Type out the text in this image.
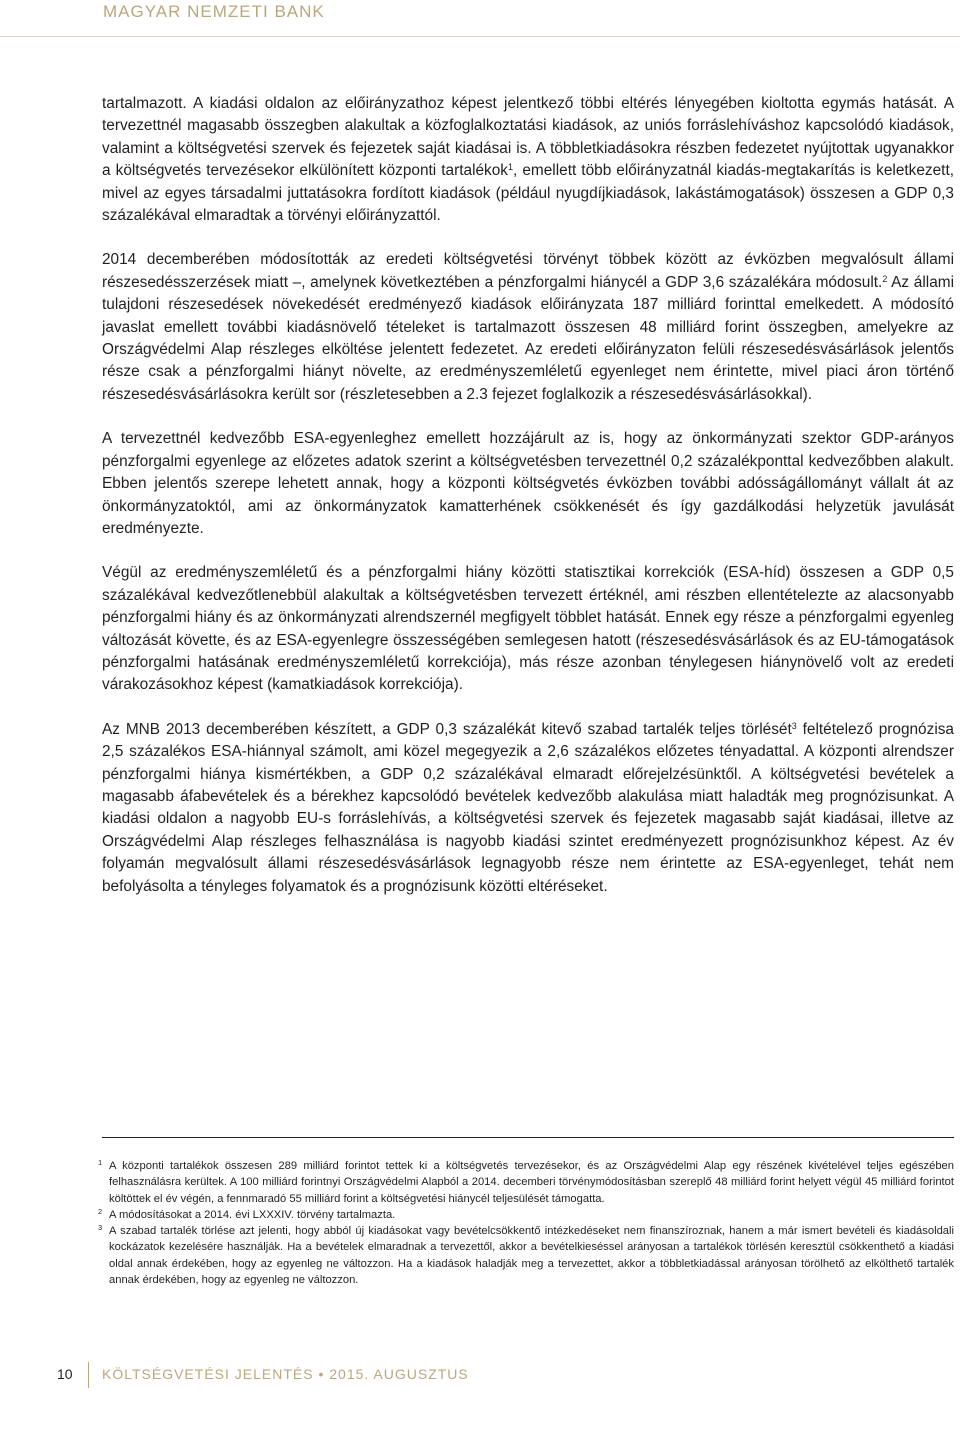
MAGYAR NEMZETI BANK

tartalmazott. A kiadási oldalon az előirányzathoz képest jelentkező többi eltérés lényegében kioltotta egymás hatását. A tervezettnél magasabb összegben alakultak a közfoglalkoztatási kiadások, az uniós forráslehíváshoz kapcsolódó kiadások, valamint a költségvetési szervek és fejezetek saját kiadásai is. A többletkiadásokra részben fedezetet nyújtottak ugyanakkor a költségvetés tervezésekor elkülönített központi tartalékok$^1$, emellett több előirányzatnál kiadás-megtakarítás is keletkezett, mivel az egyes társadalmi juttatásokra fordított kiadások (például nyugdíjkiadások, lakástámogatások) összesen a GDP 0,3 százalékával elmaradtak a törvényi előirányzattól.

2014 decemberében módosították az eredeti költségvetési törvényt többek között az évközben megvalósult állami részesedésszerzések miatt –, amelynek következtében a pénzforgalmi hiánycél a GDP 3,6 százalékára módosult.$^2$ Az állami tulajdoni részesedések növekedését eredményező kiadások előirányzata 187 milliárd forinttal emelkedett. A módosító javaslat emellett további kiadásnövelő tételeket is tartalmazott összesen 48 milliárd forint összegben, amelyekre az Országvédelmi Alap részleges elköltése jelentett fedezetet. Az eredeti előirányzaton felüli részesedésvásárlások jelentős része csak a pénzforgalmi hiányt növelte, az eredményszemléletű egyenleget nem érintette, mivel piaci áron történő részesedésvásárlásokra került sor (részletesebben a 2.3 fejezet foglalkozik a részesedésvásárlásokkal).

A tervezettnél kedvezőbb ESA-egyenleghez emellett hozzájárult az is, hogy az önkormányzati szektor GDP-arányos pénzforgalmi egyenlege az előzetes adatok szerint a költségvetésben tervezettnél 0,2 százalékponttal kedvezőbben alakult. Ebben jelentős szerepe lehetett annak, hogy a központi költségvetés évközben további adósságállományt vállalt át az önkormányzatoktól, ami az önkormányzatok kamatterhének csökkenését és így gazdálkodási helyzetük javulását eredményezte.

Végül az eredményszemléletű és a pénzforgalmi hiány közötti statisztikai korrekciók (ESA-híd) összesen a GDP 0,5 százalékával kedvezőtlenebbül alakultak a költségvetésben tervezett értéknél, ami részben ellentételezte az alacsonyabb pénzforgalmi hiány és az önkormányzati alrendszernél megfigyelt többlet hatását. Ennek egy része a pénzforgalmi egyenleg változását követte, és az ESA-egyenlegre összességében semlegesen hatott (részesedésvásárlások és az EU-támogatások pénzforgalmi hatásának eredményszemléletű korrekciója), más része azonban ténylegesen hiánynövelő volt az eredeti várakozásokhoz képest (kamatkiadások korrekciója).

Az MNB 2013 decemberében készített, a GDP 0,3 százalékát kitevő szabad tartalék teljes törlését$^3$ feltételező prognózisa 2,5 százalékos ESA-hiánnyal számolt, ami közel megegyezik a 2,6 százalékos előzetes tényadattal. A központi alrendszer pénzforgalmi hiánya kismértékben, a GDP 0,2 százalékával elmaradt előrejelzésünktől. A költségvetési bevételek a magasabb áfabevételek és a bérekhez kapcsolódó bevételek kedvezőbb alakulása miatt haladták meg prognózisunkat. A kiadási oldalon a nagyobb EU-s forráslehívás, a költségvetési szervek és fejezetek magasabb saját kiadásai, illetve az Országvédelmi Alap részleges felhasználása is nagyobb kiadási szintet eredményezett prognózisunkhoz képest. Az év folyamán megvalósult állami részesedésvásárlások legnagyobb része nem érintette az ESA-egyenleget, tehát nem befolyásolta a tényleges folyamatok és a prognózisunk közötti eltéréseket.

1 A központi tartalékok összesen 289 milliárd forintot tettek ki a költségvetés tervezésekor, és az Országvédelmi Alap egy részének kivételével teljes egészében felhasználásra kerültek. A 100 milliárd forintnyi Országvédelmi Alapból a 2014. decemberi törvénymódosításban szereplő 48 milliárd forint helyett végül 45 milliárd forintot költöttek el év végén, a fennmaradó 55 milliárd forint a költségvetési hiánycél teljesülését támogatta.
2 A módosításokat a 2014. évi LXXXIV. törvény tartalmazta.
3 A szabad tartalék törlése azt jelenti, hogy abból új kiadásokat vagy bevételcsökkentő intézkedéseket nem finanszíroznak, hanem a már ismert bevételi és kiadásoldali kockázatok kezelésére használják. Ha a bevételek elmaradnak a tervezettől, akkor a bevételkieséssel arányosan a tartalékok törlésén keresztül csökkenthető a kiadási oldal annak érdekében, hogy az egyenleg ne változzon. Ha a kiadások haladják meg a tervezettet, akkor a többletkiadással arányosan törölhető az elkölthető tartalék annak érdekében, hogy az egyenleg ne változzon.
10	KÖLTSÉGVETÉSI JELENTÉS • 2015. AUGUSZTUS
